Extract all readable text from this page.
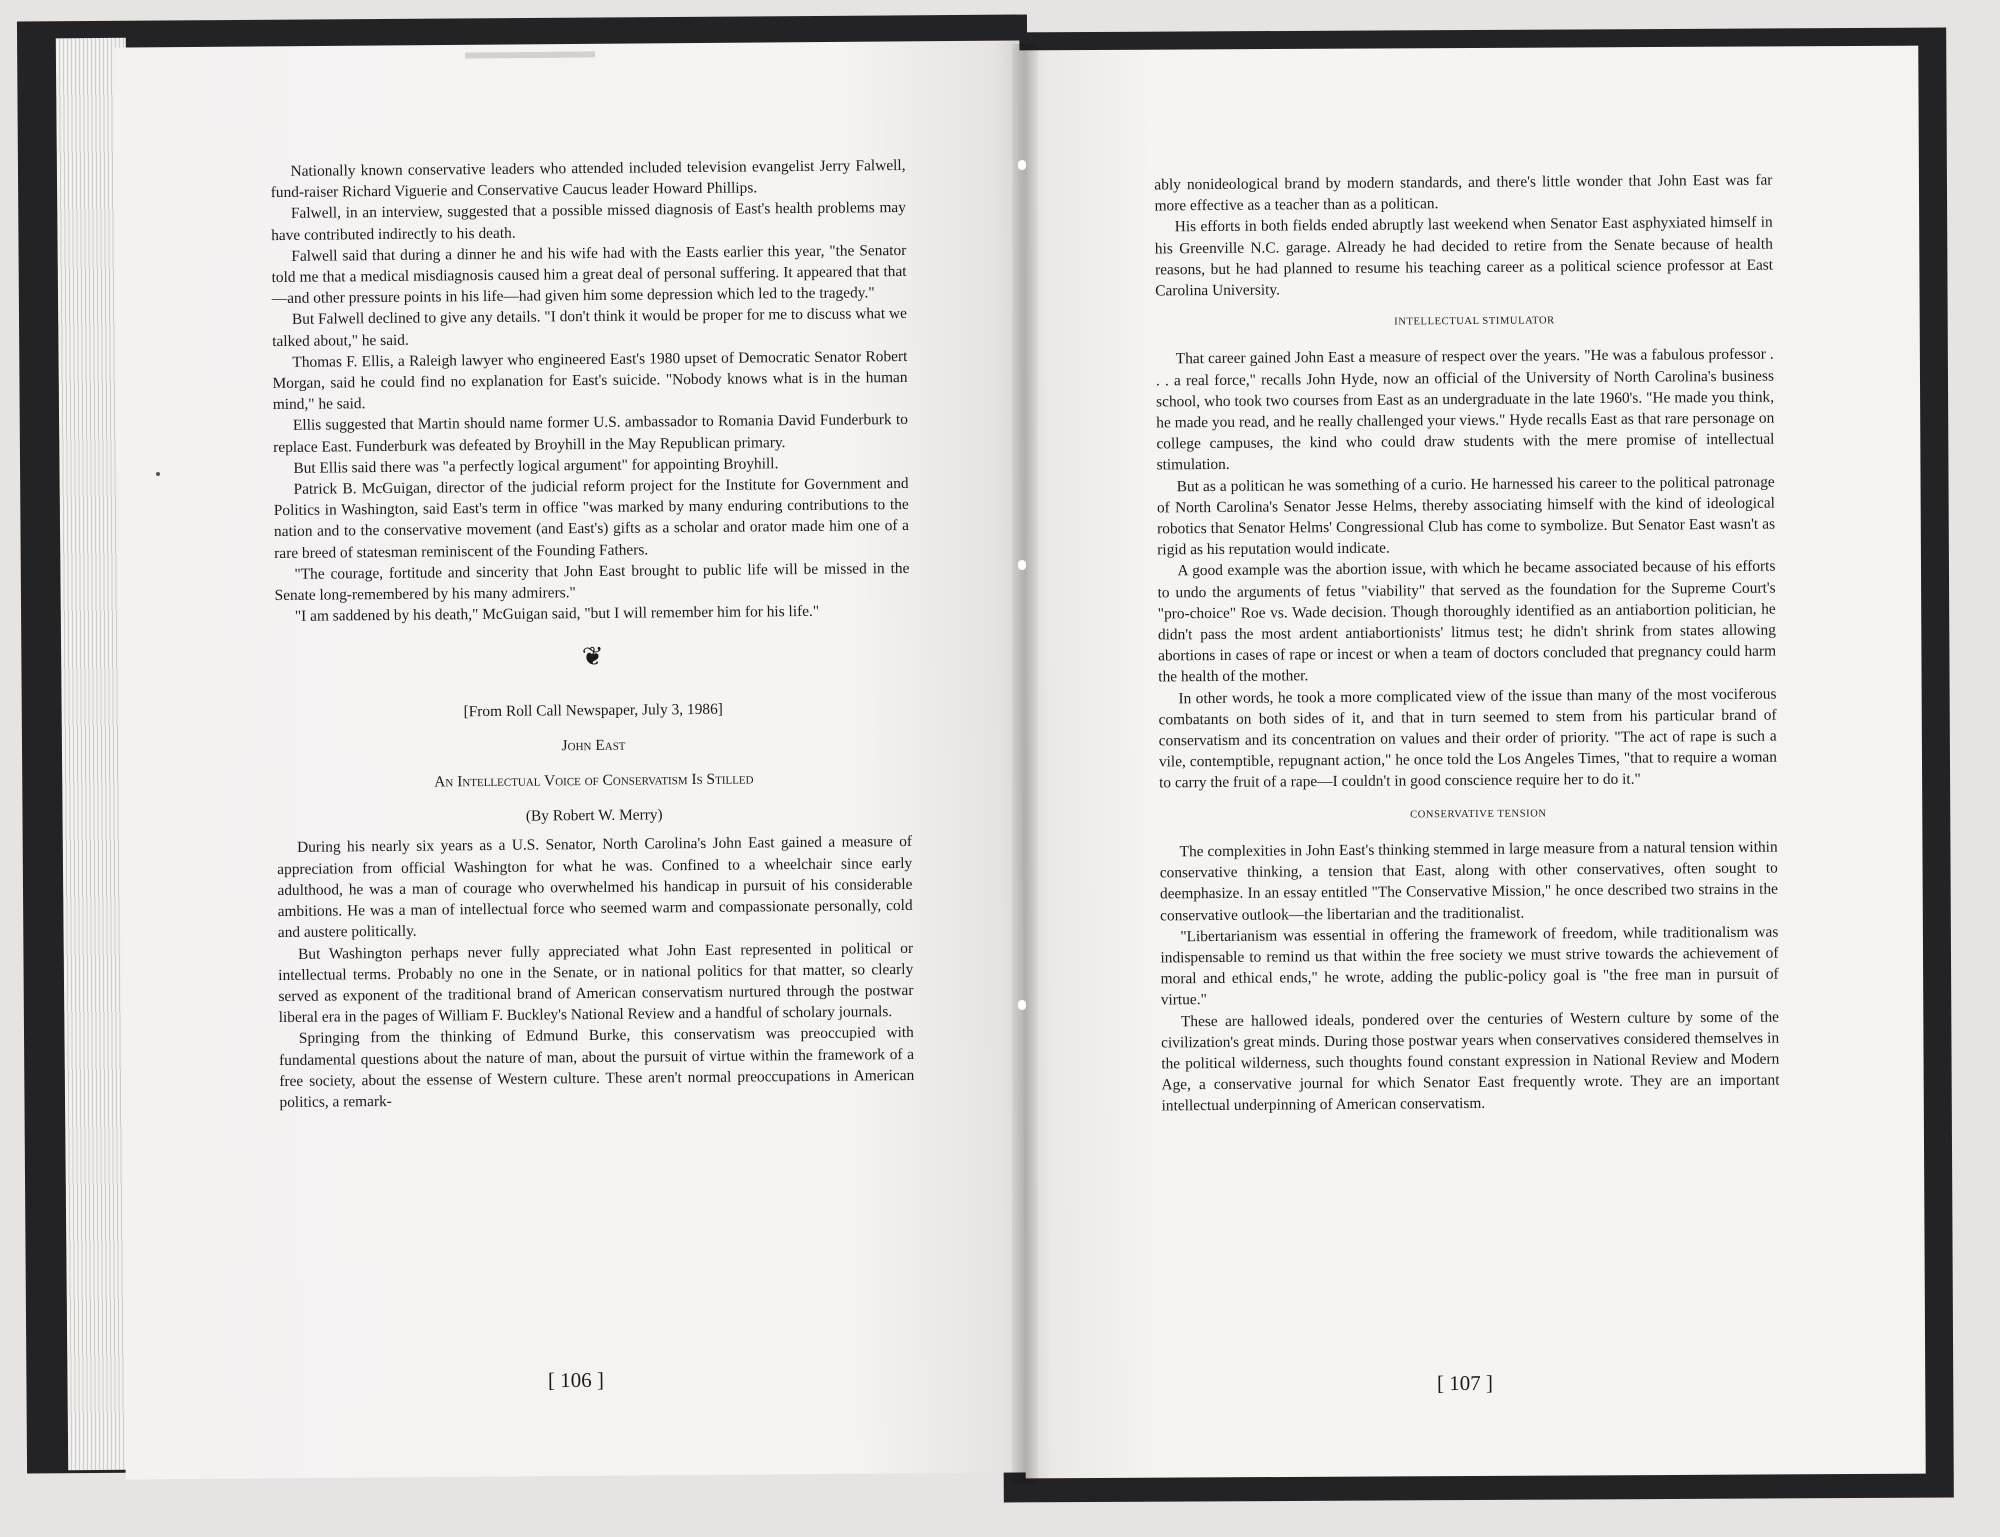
Nationally known conservative leaders who attended included television evangelist Jerry Falwell, fund-raiser Richard Viguerie and Conservative Caucus leader Howard Phillips.

Falwell, in an interview, suggested that a possible missed diagnosis of East's health problems may have contributed indirectly to his death.

Falwell said that during a dinner he and his wife had with the Easts earlier this year, "the Senator told me that a medical misdiagnosis caused him a great deal of personal suffering. It appeared that that—and other pressure points in his life—had given him some depression which led to the tragedy."

But Falwell declined to give any details. "I don't think it would be proper for me to discuss what we talked about," he said.

Thomas F. Ellis, a Raleigh lawyer who engineered East's 1980 upset of Democratic Senator Robert Morgan, said he could find no explanation for East's suicide. "Nobody knows what is in the human mind," he said.

Ellis suggested that Martin should name former U.S. ambassador to Romania David Funderburk to replace East. Funderburk was defeated by Broyhill in the May Republican primary.

But Ellis said there was "a perfectly logical argument" for appointing Broyhill.

Patrick B. McGuigan, director of the judicial reform project for the Institute for Government and Politics in Washington, said East's term in office "was marked by many enduring contributions to the nation and to the conservative movement (and East's) gifts as a scholar and orator made him one of a rare breed of statesman reminiscent of the Founding Fathers.

"The courage, fortitude and sincerity that John East brought to public life will be missed in the Senate long-remembered by his many admirers."

"I am saddened by his death," McGuigan said, "but I will remember him for his life."

❦

[From Roll Call Newspaper, July 3, 1986]

John East

An Intellectual Voice of Conservatism Is Stilled

(By Robert W. Merry)

During his nearly six years as a U.S. Senator, North Carolina's John East gained a measure of appreciation from official Washington for what he was. Confined to a wheelchair since early adulthood, he was a man of courage who overwhelmed his handicap in pursuit of his considerable ambitions. He was a man of intellectual force who seemed warm and compassionate personally, cold and austere politically.

But Washington perhaps never fully appreciated what John East represented in political or intellectual terms. Probably no one in the Senate, or in national politics for that matter, so clearly served as exponent of the traditional brand of American conservatism nurtured through the postwar liberal era in the pages of William F. Buckley's National Review and a handful of scholary journals.

Springing from the thinking of Edmund Burke, this conservatism was preoccupied with fundamental questions about the nature of man, about the pursuit of virtue within the framework of a free society, about the essense of Western culture. These aren't normal preoccupations in American politics, a remark-

[ 106 ]

ably nonideological brand by modern standards, and there's little wonder that John East was far more effective as a teacher than as a politican.

His efforts in both fields ended abruptly last weekend when Senator East asphyxiated himself in his Greenville N.C. garage. Already he had decided to retire from the Senate because of health reasons, but he had planned to resume his teaching career as a political science professor at East Carolina University.

INTELLECTUAL STIMULATOR

That career gained John East a measure of respect over the years. "He was a fabulous professor . . . a real force," recalls John Hyde, now an official of the University of North Carolina's business school, who took two courses from East as an undergraduate in the late 1960's. "He made you think, he made you read, and he really challenged your views." Hyde recalls East as that rare personage on college campuses, the kind who could draw students with the mere promise of intellectual stimulation.

But as a politican he was something of a curio. He harnessed his career to the political patronage of North Carolina's Senator Jesse Helms, thereby associating himself with the kind of ideological robotics that Senator Helms' Congressional Club has come to symbolize. But Senator East wasn't as rigid as his reputation would indicate.

A good example was the abortion issue, with which he became associated because of his efforts to undo the arguments of fetus "viability" that served as the foundation for the Supreme Court's "pro-choice" Roe vs. Wade decision. Though thoroughly identified as an antiabortion politician, he didn't pass the most ardent antiabortionists' litmus test; he didn't shrink from states allowing abortions in cases of rape or incest or when a team of doctors concluded that pregnancy could harm the health of the mother.

In other words, he took a more complicated view of the issue than many of the most vociferous combatants on both sides of it, and that in turn seemed to stem from his particular brand of conservatism and its concentration on values and their order of priority. "The act of rape is such a vile, contemptible, repugnant action," he once told the Los Angeles Times, "that to require a woman to carry the fruit of a rape—I couldn't in good conscience require her to do it."

CONSERVATIVE TENSION

The complexities in John East's thinking stemmed in large measure from a natural tension within conservative thinking, a tension that East, along with other conservatives, often sought to deemphasize. In an essay entitled "The Conservative Mission," he once described two strains in the conservative outlook—the libertarian and the traditionalist.

"Libertarianism was essential in offering the framework of freedom, while traditionalism was indispensable to remind us that within the free society we must strive towards the achievement of moral and ethical ends," he wrote, adding the public-policy goal is "the free man in pursuit of virtue."

These are hallowed ideals, pondered over the centuries of Western culture by some of the civilization's great minds. During those postwar years when conservatives considered themselves in the political wilderness, such thoughts found constant expression in National Review and Modern Age, a conservative journal for which Senator East frequently wrote. They are an important intellectual underpinning of American conservatism.

[ 107 ]
